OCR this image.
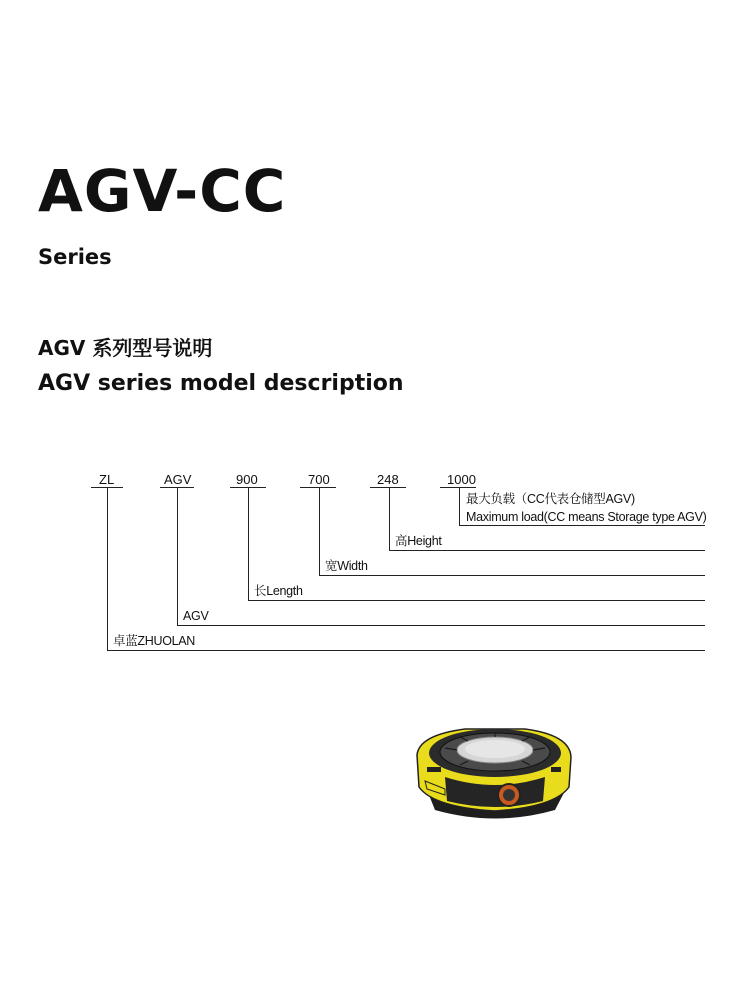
AGV-CC
Series
AGV 系列型号说明
AGV series model description
ZL	AGV	900	700	248	1000
最大负载（CC代表仓储型AGV)
Maximum load(CC means Storage type AGV)
高Height
宽Width
长Length
AGV
卓蓝ZHUOLAN
